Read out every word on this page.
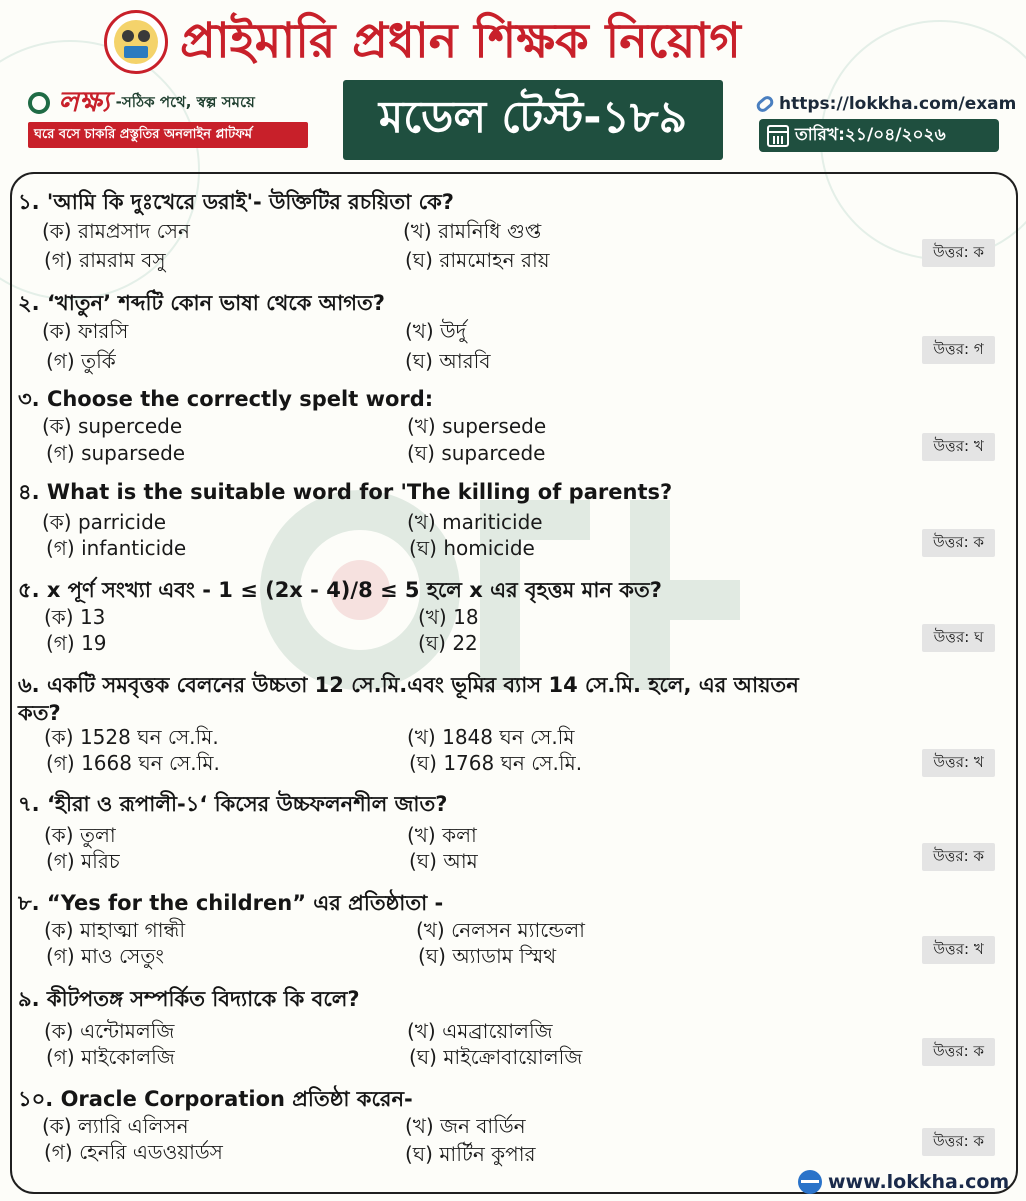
প্রাইমারি প্রধান শিক্ষক নিয়োগ
লক্ষ্য -সঠিক পথে, স্বল্প সময়ে
ঘরে বসে চাকরি প্রস্তুতির অনলাইন প্লাটফর্ম	মডেল টেস্ট-১৮৯	https://lokkha.com/exam
তারিখ:২১/০৪/২০২৬
১. 'আমি কি দুঃখেরে ডরাই'- উক্তিটির রচয়িতা কে?
(ক) রামপ্রসাদ সেন	(খ) রামনিধি গুপ্ত
(গ) রামরাম বসু	(ঘ) রামমোহন রায়	উত্তর: ক
২. ‘খাতুন’ শব্দটি কোন ভাষা থেকে আগত?
(ক) ফারসি	(খ) উর্দু
(গ) তুর্কি	(ঘ) আরবি
উত্তর: গ
৩. Choose the correctly spelt word:
(ক) supercede	(খ) supersede
(গ) suparsede	(ঘ) suparcede	উত্তর: খ
৪. What is the suitable word for 'The killing of parents?
(ক) parricide	(খ) mariticide
(গ) infanticide	(ঘ) homicide	উত্তর: ক
৫. x পূর্ণ সংখ্যা এবং - 1 ≤ (2x - 4)/8 ≤ 5 হলে x এর বৃহত্তম মান কত?
(ক) 13	(খ) 18
(গ) 19	(ঘ) 22	উত্তর: ঘ
৬. একটি সমবৃত্তক বেলনের উচ্চতা 12 সে.মি.এবং ভূমির ব্যাস 14 সে.মি. হলে, এর আয়তন কত?
(ক) 1528 ঘন সে.মি.	(খ) 1848 ঘন সে.মি
(গ) 1668 ঘন সে.মি.	(ঘ) 1768 ঘন সে.মি.	উত্তর: খ
৭. ‘হীরা ও রূপালী-১‘ কিসের উচ্চফলনশীল জাত?
(ক) তুলা	(খ) কলা
(গ) মরিচ	(ঘ) আম	উত্তর: ক
৮. “Yes for the children” এর প্রতিষ্ঠাতা -
(ক) মাহাত্মা গান্ধী	(খ) নেলসন ম্যান্ডেলা
(গ) মাও সেতুং	(ঘ) অ্যাডাম স্মিথ	উত্তর: খ
৯. কীটপতঙ্গ সম্পর্কিত বিদ্যাকে কি বলে?
(ক) এন্টোমলজি	(খ) এমব্রায়োলজি
(গ) মাইকোলজি	(ঘ) মাইক্রোবায়োলজি	উত্তর: ক
১০. Oracle Corporation প্রতিষ্ঠা করেন-
(ক) ল্যারি এলিসন	(খ) জন বার্ডিন
(গ) হেনরি এডওয়ার্ডস	(ঘ) মার্টিন কুপার
উত্তর: ক
www.lokkha.com
